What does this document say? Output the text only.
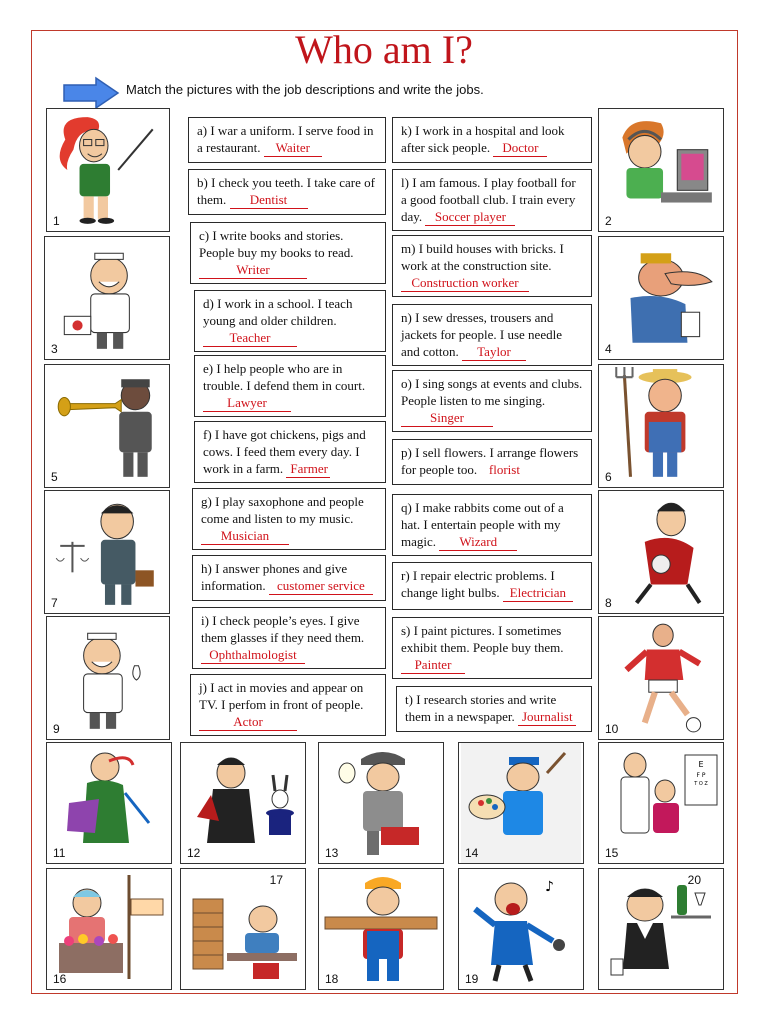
Who am I?
Match the pictures with the job descriptions and write the jobs.
a) I war a uniform. I serve food in a restaurant. Waiter
b) I check you teeth. I take care of them. Dentist
c) I write books and stories. People buy my books to read. Writer
d) I work in a school. I teach young and older children. Teacher
e) I help people who are in trouble. I defend them in court. Lawyer
f) I have got chickens, pigs and cows. I feed them every day. I work in a farm. Farmer
g) I play saxophone and people come and listen to my music. Musician
h) I answer phones and give information. customer service
i) I check people’s eyes. I give them glasses if they need them. Ophthalmologist
j) I act in movies and appear on TV. I perfom in front of people. Actor
k) I work in a hospital and look after sick people. Doctor
l) I am famous. I play football for a good football club. I train every day. Soccer player
m) I build houses with bricks. I work at the construction site. Construction worker
n) I sew dresses, trousers and jackets for people. I use needle and cotton. Taylor
o) I sing songs at events and clubs. People listen to me singing. Singer
p) I sell flowers. I arrange flowers for people too. florist
q) I make rabbits come out of a hat. I entertain people with my magic. Wizard
r) I repair electric problems. I change light bulbs. Electrician
s) I paint pictures. I sometimes exhibit them. People buy them. Painter
t) I research stories and write them in a newspaper. Journalist
1	2
3	4
5	6
7	8
9	10
11	12	13	14
E
F P
T O Z
15
16
17
18
♪
19
20
